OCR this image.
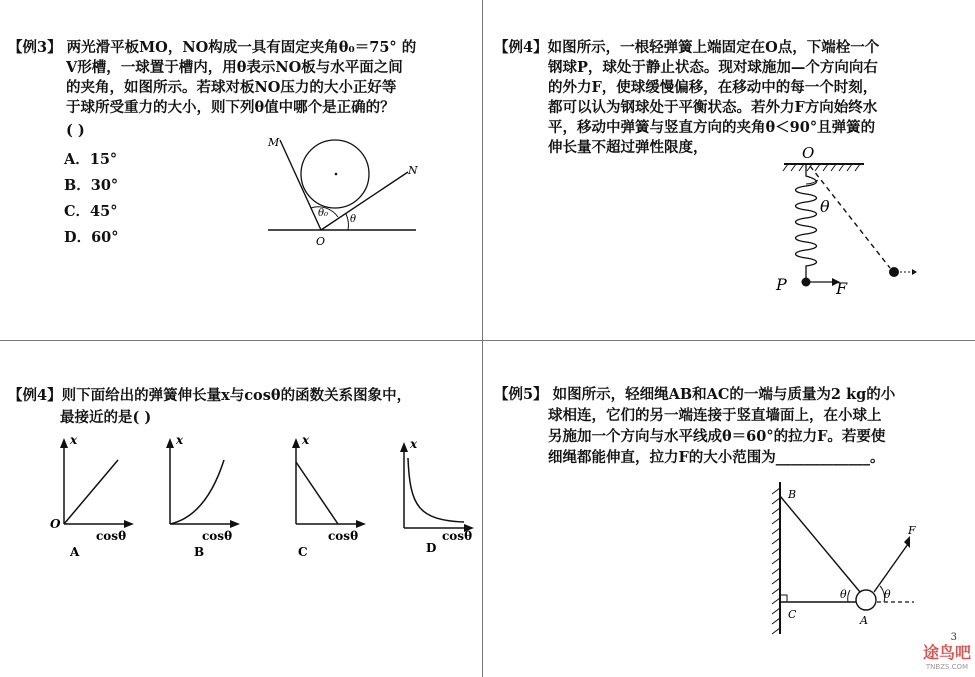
【例3】 两光滑平板MO，NO构成一具有固定夹角θ₀＝75° 的
V形槽，一球置于槽内，用θ表示NO板与水平面之间
的夹角，如图所示。若球对板NO压力的大小正好等
于球所受重力的大小，则下列θ值中哪个是正确的？
( )
A．15°
B．30°
C．45°
D．60°
M
N
O
θ₀
θ
【例4】如图所示，一根轻弹簧上端固定在O点，下端栓一个
钢球P，球处于静止状态。现对球施加—个方向向右
的外力F，使球缓慢偏移，在移动中的每一个时刻，
都可以认为钢球处于平衡状态。若外力F方向始终水
平，移动中弹簧与竖直方向的夹角θ＜90°且弹簧的
伸长量不超过弹性限度，	O
θ
P	F
【例4】则下面给出的弹簧伸长量x与cosθ的函数关系图象中，
最接近的是( )
x
O
cosθ
A
x
cosθ
B
x
cosθ
C
x
cosθ
D
【例5】 如图所示，轻细绳AB和AC的一端与质量为2 kg的小
球相连，它们的另一端连接于竖直墙面上，在小球上
另施加一个方向与水平线成θ＝60°的拉力F。若要使
细绳都能伸直，拉力F的大小范围为_____________。
B
C	A
F
θ	θ
3
途鸟吧
TNBZS.COM
